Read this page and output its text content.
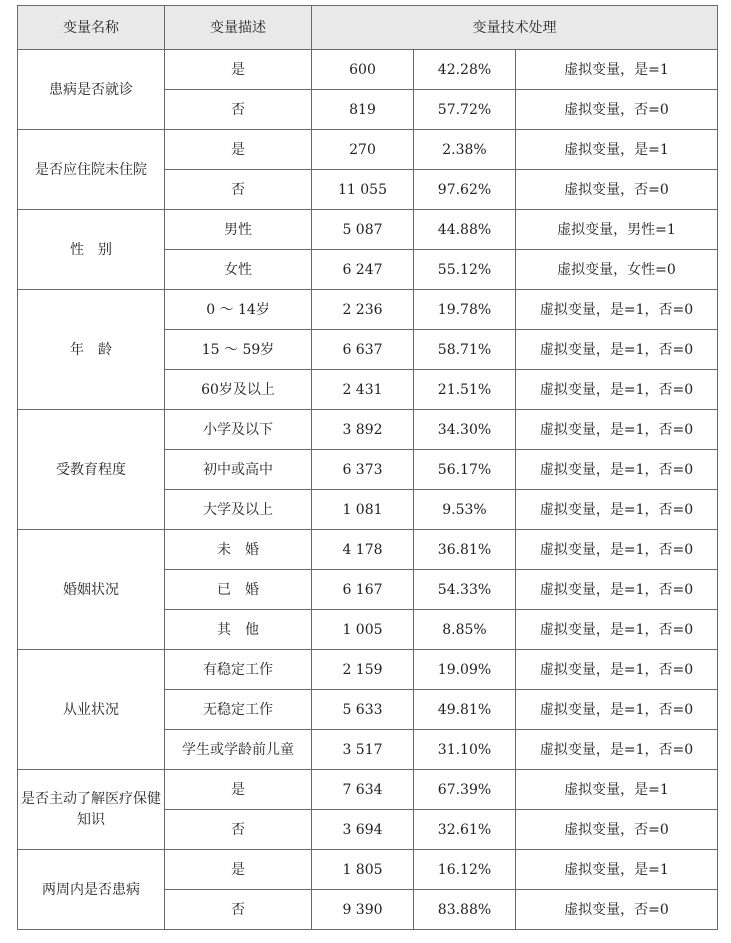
变量名称	变量描述	变量技术处理		
患病是否就诊	是	600	42.28%	虚拟变量，是=1
	否	819	57.72%	虚拟变量，否=0
是否应住院未住院	是	270	2.38%	虚拟变量，是=1
	否	11 055	97.62%	虚拟变量，否=0
性　别	男性	5 087	44.88%	虚拟变量，男性=1
	女性	6 247	55.12%	虚拟变量，女性=0
年　龄	0 ～ 14岁	2 236	19.78%	虚拟变量，是=1，否=0
	15 ～ 59岁	6 637	58.71%	虚拟变量，是=1，否=0
	60岁及以上	2 431	21.51%	虚拟变量，是=1，否=0
受教育程度	小学及以下	3 892	34.30%	虚拟变量，是=1，否=0
	初中或高中	6 373	56.17%	虚拟变量，是=1，否=0
	大学及以上	1 081	9.53%	虚拟变量，是=1，否=0
婚姻状况	未　婚	4 178	36.81%	虚拟变量，是=1，否=0
	已　婚	6 167	54.33%	虚拟变量，是=1，否=0
	其　他	1 005	8.85%	虚拟变量，是=1，否=0
从业状况	有稳定工作	2 159	19.09%	虚拟变量，是=1，否=0
	无稳定工作	5 633	49.81%	虚拟变量，是=1，否=0
	学生或学龄前儿童	3 517	31.10%	虚拟变量，是=1，否=0
是否主动了解医疗保健知识	是	7 634	67.39%	虚拟变量，是=1
	否	3 694	32.61%	虚拟变量，否=0
两周内是否患病	是	1 805	16.12%	虚拟变量，是=1
	否	9 390	83.88%	虚拟变量，否=0
